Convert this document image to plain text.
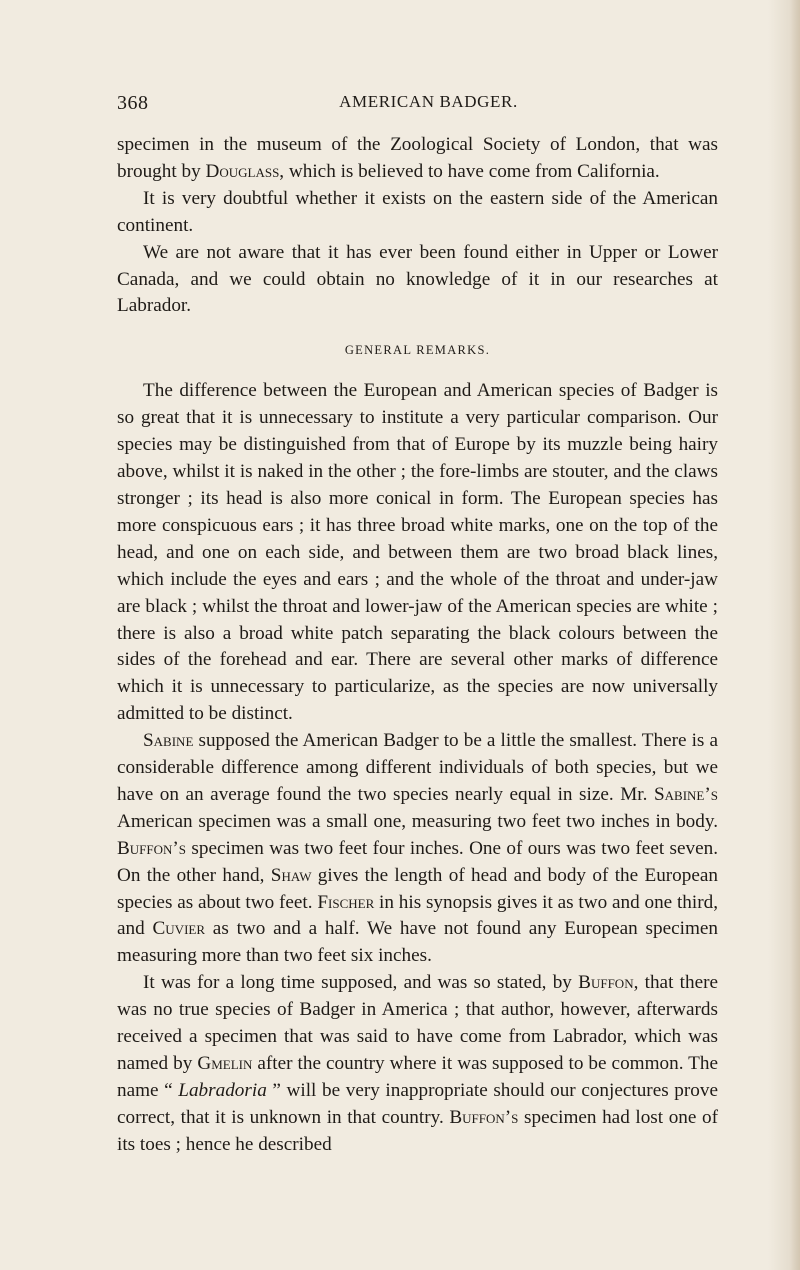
368	AMERICAN BADGER.

specimen in the museum of the Zoological Society of London, that was brought by Douglass, which is believed to have come from California.

It is very doubtful whether it exists on the eastern side of the American continent.

We are not aware that it has ever been found either in Upper or Lower Canada, and we could obtain no knowledge of it in our researches at Labrador.

GENERAL REMARKS.

The difference between the European and American species of Badger is so great that it is unnecessary to institute a very particular comparison. Our species may be distinguished from that of Europe by its muzzle being hairy above, whilst it is naked in the other ; the fore-limbs are stouter, and the claws stronger ; its head is also more conical in form. The European species has more conspicuous ears ; it has three broad white marks, one on the top of the head, and one on each side, and between them are two broad black lines, which include the eyes and ears ; and the whole of the throat and under-jaw are black ; whilst the throat and lower-jaw of the American species are white ; there is also a broad white patch separating the black colours between the sides of the forehead and ear. There are several other marks of difference which it is unnecessary to particularize, as the species are now universally admitted to be distinct.

Sabine supposed the American Badger to be a little the smallest. There is a considerable difference among different individuals of both species, but we have on an average found the two species nearly equal in size. Mr. Sabine’s American specimen was a small one, measuring two feet two inches in body. Buffon’s specimen was two feet four inches. One of ours was two feet seven. On the other hand, Shaw gives the length of head and body of the European species as about two feet. Fischer in his synopsis gives it as two and one third, and Cuvier as two and a half. We have not found any European specimen measuring more than two feet six inches.

It was for a long time supposed, and was so stated, by Buffon, that there was no true species of Badger in America ; that author, however, afterwards received a specimen that was said to have come from Labrador, which was named by Gmelin after the country where it was supposed to be common. The name “ Labradoria ” will be very inappropriate should our conjectures prove correct, that it is unknown in that country. Buffon’s specimen had lost one of its toes ; hence he described
